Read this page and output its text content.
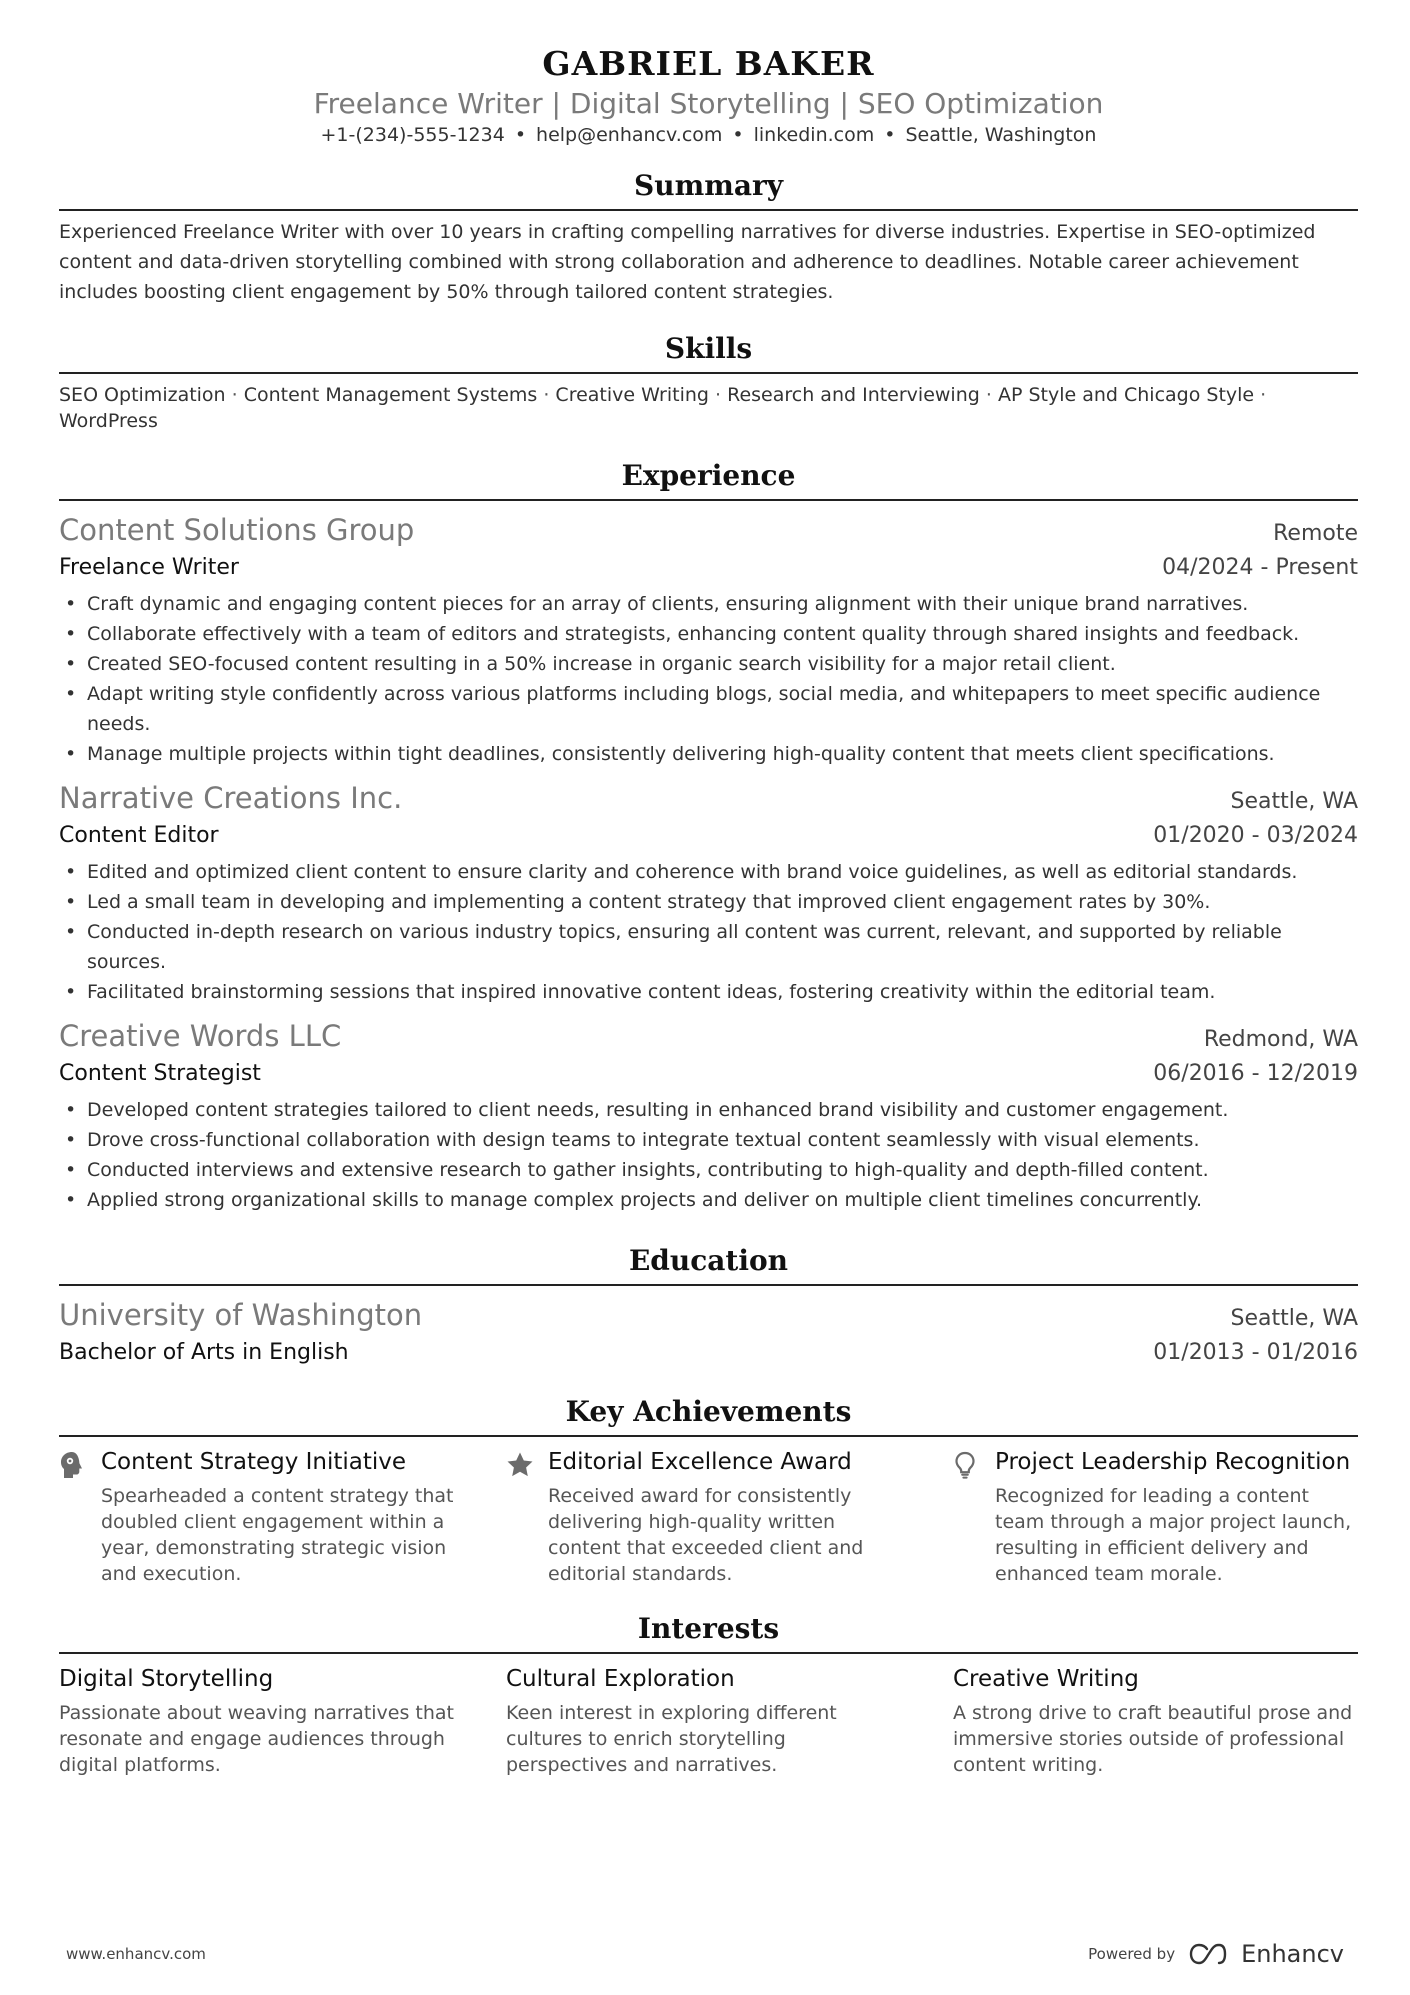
GABRIEL BAKER
Freelance Writer | Digital Storytelling | SEO Optimization
+1-(234)-555-1234 • help@enhancv.com • linkedin.com • Seattle, Washington
Summary
Experienced Freelance Writer with over 10 years in crafting compelling narratives for diverse industries. Expertise in SEO-optimized content and data-driven storytelling combined with strong collaboration and adherence to deadlines. Notable career achievement includes boosting client engagement by 50% through tailored content strategies.
Skills
SEO Optimization · Content Management Systems · Creative Writing · Research and Interviewing · AP Style and Chicago Style · WordPress
Experience
Content Solutions Group	Remote
Freelance Writer	04/2024 - Present
• Craft dynamic and engaging content pieces for an array of clients, ensuring alignment with their unique brand narratives.
• Collaborate effectively with a team of editors and strategists, enhancing content quality through shared insights and feedback.
• Created SEO-focused content resulting in a 50% increase in organic search visibility for a major retail client.
• Adapt writing style confidently across various platforms including blogs, social media, and whitepapers to meet specific audience needs.
• Manage multiple projects within tight deadlines, consistently delivering high-quality content that meets client specifications.
Narrative Creations Inc.	Seattle, WA
Content Editor	01/2020 - 03/2024
• Edited and optimized client content to ensure clarity and coherence with brand voice guidelines, as well as editorial standards.
• Led a small team in developing and implementing a content strategy that improved client engagement rates by 30%.
• Conducted in-depth research on various industry topics, ensuring all content was current, relevant, and supported by reliable sources.
• Facilitated brainstorming sessions that inspired innovative content ideas, fostering creativity within the editorial team.
Creative Words LLC	Redmond, WA
Content Strategist	06/2016 - 12/2019
• Developed content strategies tailored to client needs, resulting in enhanced brand visibility and customer engagement.
• Drove cross-functional collaboration with design teams to integrate textual content seamlessly with visual elements.
• Conducted interviews and extensive research to gather insights, contributing to high-quality and depth-filled content.
• Applied strong organizational skills to manage complex projects and deliver on multiple client timelines concurrently.
Education
University of Washington	Seattle, WA
Bachelor of Arts in English	01/2013 - 01/2016
Key Achievements
Content Strategy Initiative
Spearheaded a content strategy that doubled client engagement within a year, demonstrating strategic vision and execution.
Editorial Excellence Award
Received award for consistently delivering high-quality written content that exceeded client and editorial standards.
Project Leadership Recognition
Recognized for leading a content team through a major project launch, resulting in efficient delivery and enhanced team morale.
Interests
Digital Storytelling
Passionate about weaving narratives that resonate and engage audiences through digital platforms.
Cultural Exploration
Keen interest in exploring different cultures to enrich storytelling perspectives and narratives.
Creative Writing
A strong drive to craft beautiful prose and immersive stories outside of professional content writing.
www.enhancv.com	Powered by	Enhancv
